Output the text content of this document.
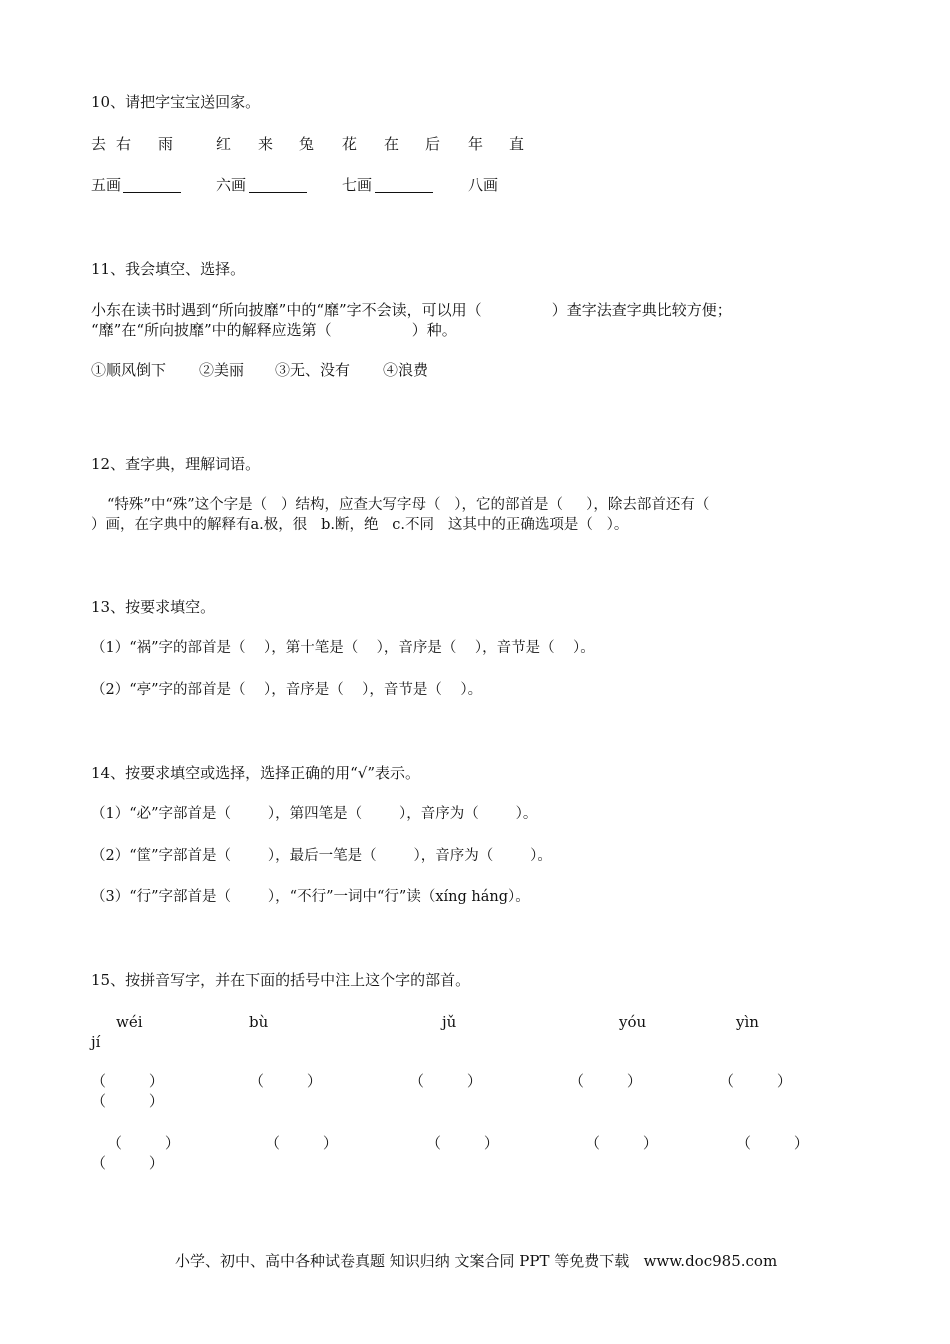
10、请把字宝宝送回家。
去 右 雨	红 来 兔 花 在 后 年 直
五画	六画	七画	八画
11、我会填空、选择。
小东在读书时遇到“所向披靡”中的“靡”字不会读，可以用（	）查字法查字典比较方便；
“靡”在“所向披靡”中的解释应选第（	）种。
①顺风倒下 ②美丽 ③无、没有 ④浪费
12、查字典，理解词语。
“特殊”中“殊”这个字是（   ）结构，应查大写字母（   ），它的部首是（     ），除去部首还有（
）画，在字典中的解释有a.极，很   b.断，绝   c.不同   这其中的正确选项是（   ）。
13、按要求填空。
（1）“祸”字的部首是（    ），第十笔是（    ），音序是（    ），音节是（    ）。
（2）“亭”字的部首是（    ），音序是（    ），音节是（    ）。
14、按要求填空或选择，选择正确的用“√”表示。
（1）“必”字部首是（        ），第四笔是（        ），音序为（        ）。
（2）“筐”字部首是（        ），最后一笔是（        ），音序为（        ）。
（3）“行”字部首是（        ），“不行”一词中“行”读（xíng háng）。
15、按拼音写字，并在下面的括号中注上这个字的部首。
wéi	bù	jǔ	yóu	yìn
jí
（         ）	（         ）	（         ）	（         ）	（         ）
（         ）
（         ）	（         ）	（         ）	（         ）	（         ）
（         ）
小学、初中、高中各种试卷真题 知识归纳 文案合同 PPT 等免费下载   www.doc985.com
